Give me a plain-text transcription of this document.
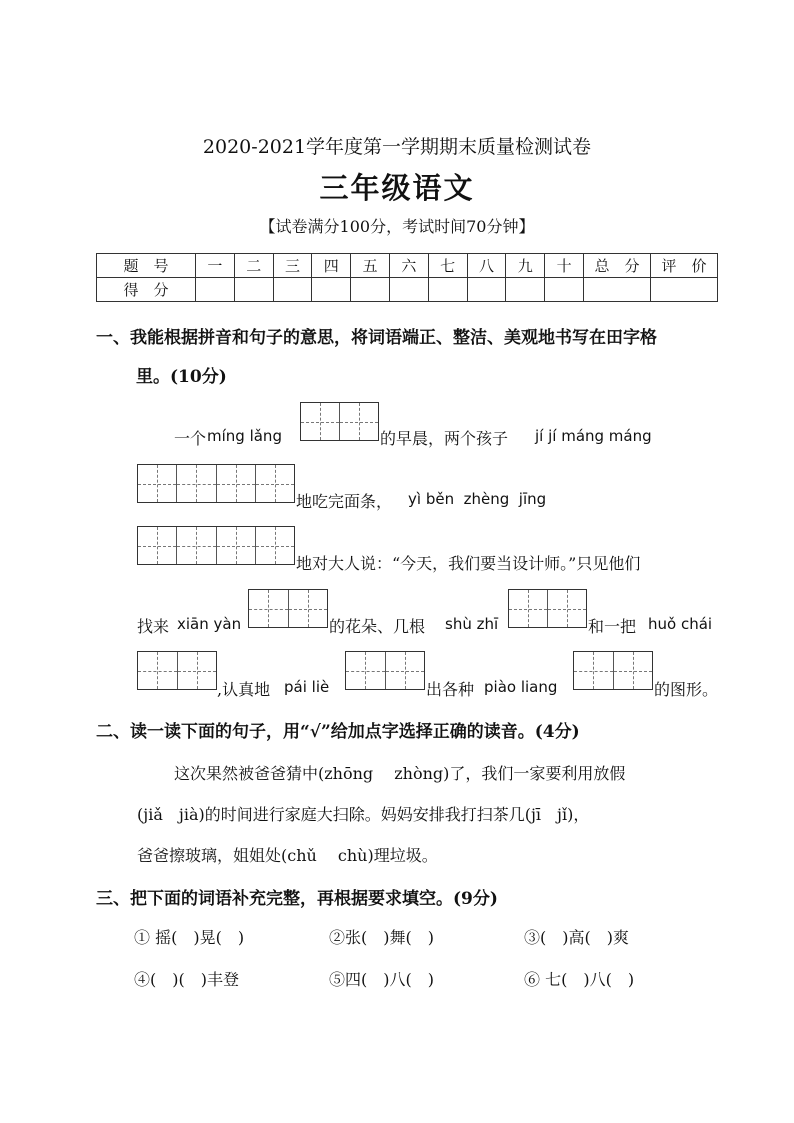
2020-2021学年度第一学期期末质量检测试卷
三年级语文
【试卷满分100分，考试时间70分钟】
题　号	一	二	三	四	五	六	七	八	九	十	总　分	评　价
得　分												
一、我能根据拼音和句子的意思，将词语端正、整洁、美观地书写在田字格
里。(10分)
一个 míng lǎng	的早晨，两个孩子 jí jí máng máng
地吃完面条， yì běn  zhèng  jīng
地对大人说：“今天，我们要当设计师。”只见他们
找来 xiān yàn	的花朵、几根 shù zhī	和一把 huǒ chái
,认真地 pái liè	出各种 piào liang	的图形。
二、读一读下面的句子，用“√”给加点字选择正确的读音。(4分)
这次果然被爸爸猜中(zhōng　 zhòng)了，我们一家要利用放假
(jiǎ　jià)的时间进行家庭大扫除。妈妈安排我打扫茶几(jī　jǐ)，
爸爸擦玻璃，姐姐处(chǔ　 chù)理垃圾。
三、把下面的词语补充完整，再根据要求填空。(9分)
① 摇(　)晃(　)	②张(　)舞(　)	③(　)高(　)爽
④(　)(　)丰登	⑤四(　)八(　)	⑥ 七(　)八(　)
